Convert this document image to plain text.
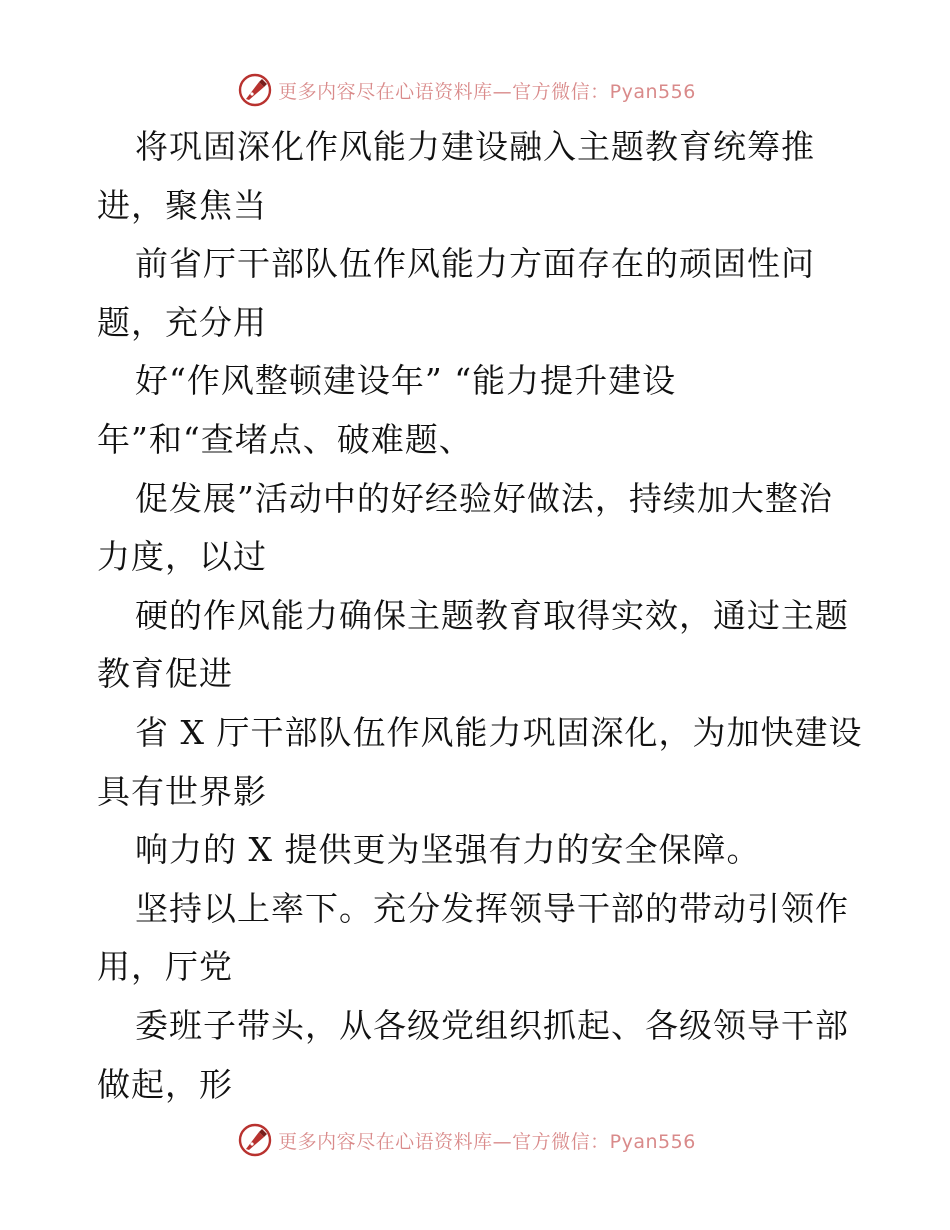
更多内容尽在心语资料库—官方微信：Pyan556
将巩固深化作风能力建设融入主题教育统筹推
进，聚焦当
前省厅干部队伍作风能力方面存在的顽固性问
题，充分用
好“作风整顿建设年” “能力提升建设
年”和“查堵点、破难题、
促发展”活动中的好经验好做法，持续加大整治
力度，以过
硬的作风能力确保主题教育取得实效，通过主题
教育促进
省 X 厅干部队伍作风能力巩固深化，为加快建设
具有世界影
响力的 X 提供更为坚强有力的安全保障。
坚持以上率下。充分发挥领导干部的带动引领作
用，厅党
委班子带头，从各级党组织抓起、各级领导干部
做起，形
更多内容尽在心语资料库—官方微信：Pyan556
